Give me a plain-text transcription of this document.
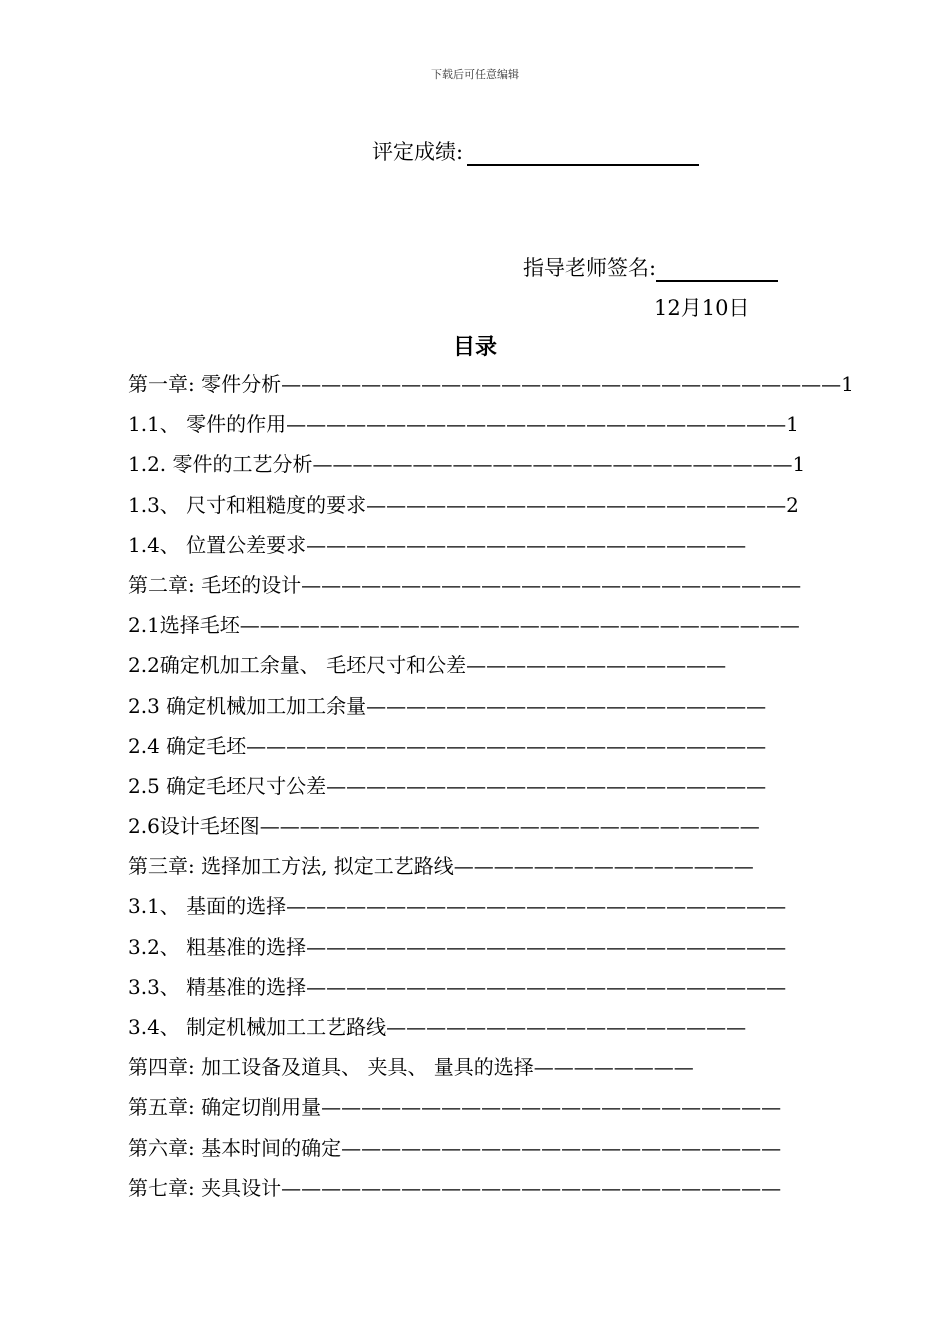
下载后可任意编辑
评定成绩:
指导老师签名:
12月10日
目录
第一章: 零件分析————————————————————————————1
1.1、 零件的作用—————————————————————————1
1.2. 零件的工艺分析————————————————————————1
1.3、 尺寸和粗糙度的要求—————————————————————2
1.4、 位置公差要求——————————————————————
第二章: 毛坯的设计—————————————————————————
2.1选择毛坯————————————————————————————
2.2确定机加工余量、 毛坯尺寸和公差—————————————
2.3 确定机械加工加工余量————————————————————
2.4 确定毛坯——————————————————————————
2.5 确定毛坯尺寸公差——————————————————————
2.6设计毛坯图—————————————————————————
第三章: 选择加工方法, 拟定工艺路线———————————————
3.1、 基面的选择—————————————————————————
3.2、 粗基准的选择————————————————————————
3.3、 精基准的选择————————————————————————
3.4、 制定机械加工工艺路线——————————————————
第四章: 加工设备及道具、 夹具、 量具的选择————————
第五章: 确定切削用量———————————————————————
第六章: 基本时间的确定——————————————————————
第七章: 夹具设计—————————————————————————
